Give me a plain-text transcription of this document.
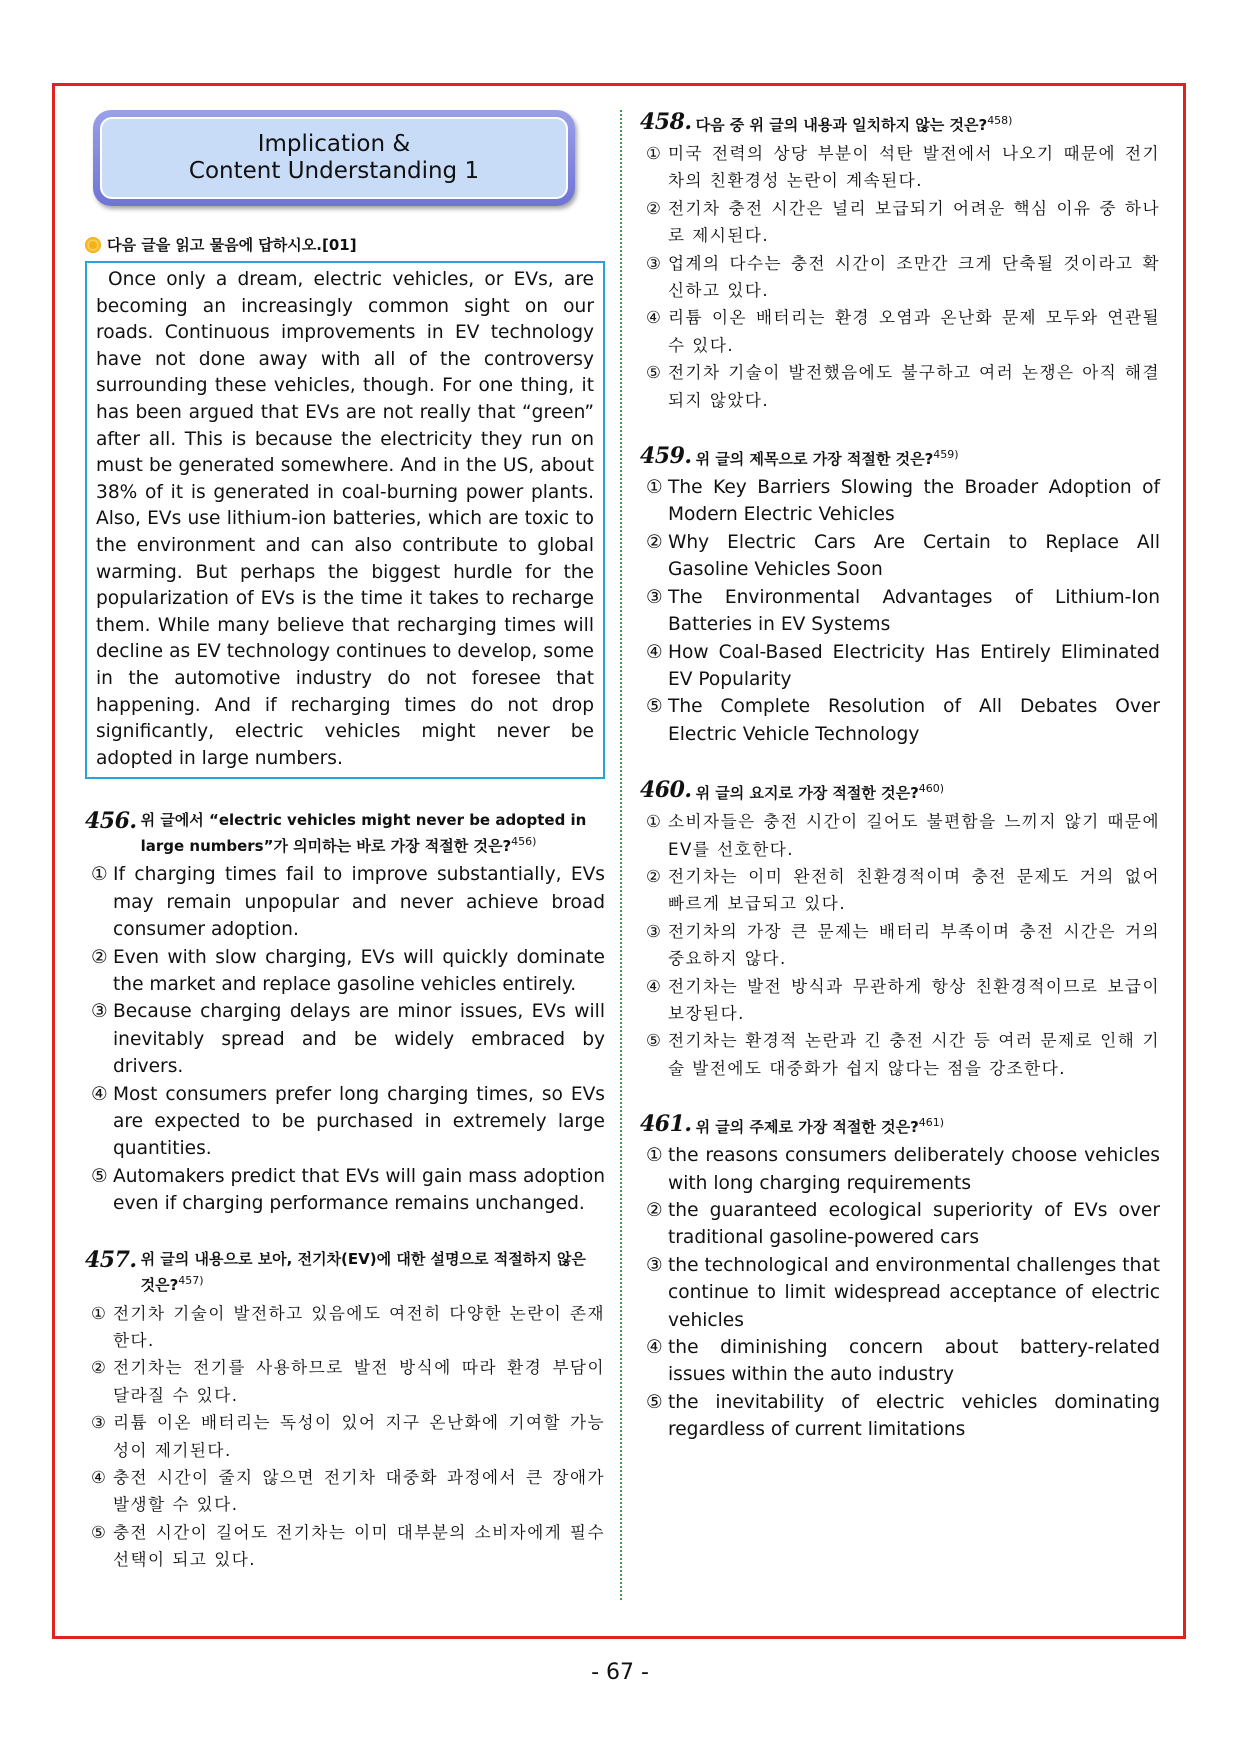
Implication &
Content Understanding 1
다음 글을 읽고 물음에 답하시오.[01]
Once only a dream, electric vehicles, or EVs, are becoming an increasingly common sight on our roads. Continuous improvements in EV technology have not done away with all of the controversy surrounding these vehicles, though. For one thing, it has been argued that EVs are not really that “green” after all. This is because the electricity they run on must be generated somewhere. And in the US, about 38% of it is generated in coal-burning power plants. Also, EVs use lithium-ion batteries, which are toxic to the environment and can also contribute to global warming. But perhaps the biggest hurdle for the popularization of EVs is the time it takes to recharge them. While many believe that recharging times will decline as EV technology continues to develop, some in the automotive industry do not foresee that happening. And if recharging times do not drop significantly, electric vehicles might never be adopted in large numbers.
456. 위 글에서 “electric vehicles might never be adopted in large numbers”가 의미하는 바로 가장 적절한 것은?$^{456)}$
① If charging times fail to improve substantially, EVs may remain unpopular and never achieve broad consumer adoption.
② Even with slow charging, EVs will quickly dominate the market and replace gasoline vehicles entirely.
③ Because charging delays are minor issues, EVs will inevitably spread and be widely embraced by drivers.
④ Most consumers prefer long charging times, so EVs are expected to be purchased in extremely large quantities.
⑤ Automakers predict that EVs will gain mass adoption even if charging performance remains unchanged.
457. 위 글의 내용으로 보아, 전기차(EV)에 대한 설명으로 적절하지 않은 것은?$^{457)}$
① 전기차 기술이 발전하고 있음에도 여전히 다양한 논란이 존재한다.
② 전기차는 전기를 사용하므로 발전 방식에 따라 환경 부담이 달라질 수 있다.
③ 리튬 이온 배터리는 독성이 있어 지구 온난화에 기여할 가능성이 제기된다.
④ 충전 시간이 줄지 않으면 전기차 대중화 과정에서 큰 장애가 발생할 수 있다.
⑤ 충전 시간이 길어도 전기차는 이미 대부분의 소비자에게 필수 선택이 되고 있다.
458. 다음 중 위 글의 내용과 일치하지 않는 것은?$^{458)}$
① 미국 전력의 상당 부분이 석탄 발전에서 나오기 때문에 전기차의 친환경성 논란이 계속된다.
② 전기차 충전 시간은 널리 보급되기 어려운 핵심 이유 중 하나로 제시된다.
③ 업계의 다수는 충전 시간이 조만간 크게 단축될 것이라고 확신하고 있다.
④ 리튬 이온 배터리는 환경 오염과 온난화 문제 모두와 연관될 수 있다.
⑤ 전기차 기술이 발전했음에도 불구하고 여러 논쟁은 아직 해결되지 않았다.
459. 위 글의 제목으로 가장 적절한 것은?$^{459)}$
① The Key Barriers Slowing the Broader Adoption of Modern Electric Vehicles
② Why Electric Cars Are Certain to Replace All Gasoline Vehicles Soon
③ The Environmental Advantages of Lithium-Ion Batteries in EV Systems
④ How Coal-Based Electricity Has Entirely Eliminated EV Popularity
⑤ The Complete Resolution of All Debates Over Electric Vehicle Technology
460. 위 글의 요지로 가장 적절한 것은?$^{460)}$
① 소비자들은 충전 시간이 길어도 불편함을 느끼지 않기 때문에 EV를 선호한다.
② 전기차는 이미 완전히 친환경적이며 충전 문제도 거의 없어 빠르게 보급되고 있다.
③ 전기차의 가장 큰 문제는 배터리 부족이며 충전 시간은 거의 중요하지 않다.
④ 전기차는 발전 방식과 무관하게 항상 친환경적이므로 보급이 보장된다.
⑤ 전기차는 환경적 논란과 긴 충전 시간 등 여러 문제로 인해 기술 발전에도 대중화가 쉽지 않다는 점을 강조한다.
461. 위 글의 주제로 가장 적절한 것은?$^{461)}$
① the reasons consumers deliberately choose vehicles with long charging requirements
② the guaranteed ecological superiority of EVs over traditional gasoline-powered cars
③ the technological and environmental challenges that continue to limit widespread acceptance of electric vehicles
④ the diminishing concern about battery-related issues within the auto industry
⑤ the inevitability of electric vehicles dominating regardless of current limitations
- 67 -
